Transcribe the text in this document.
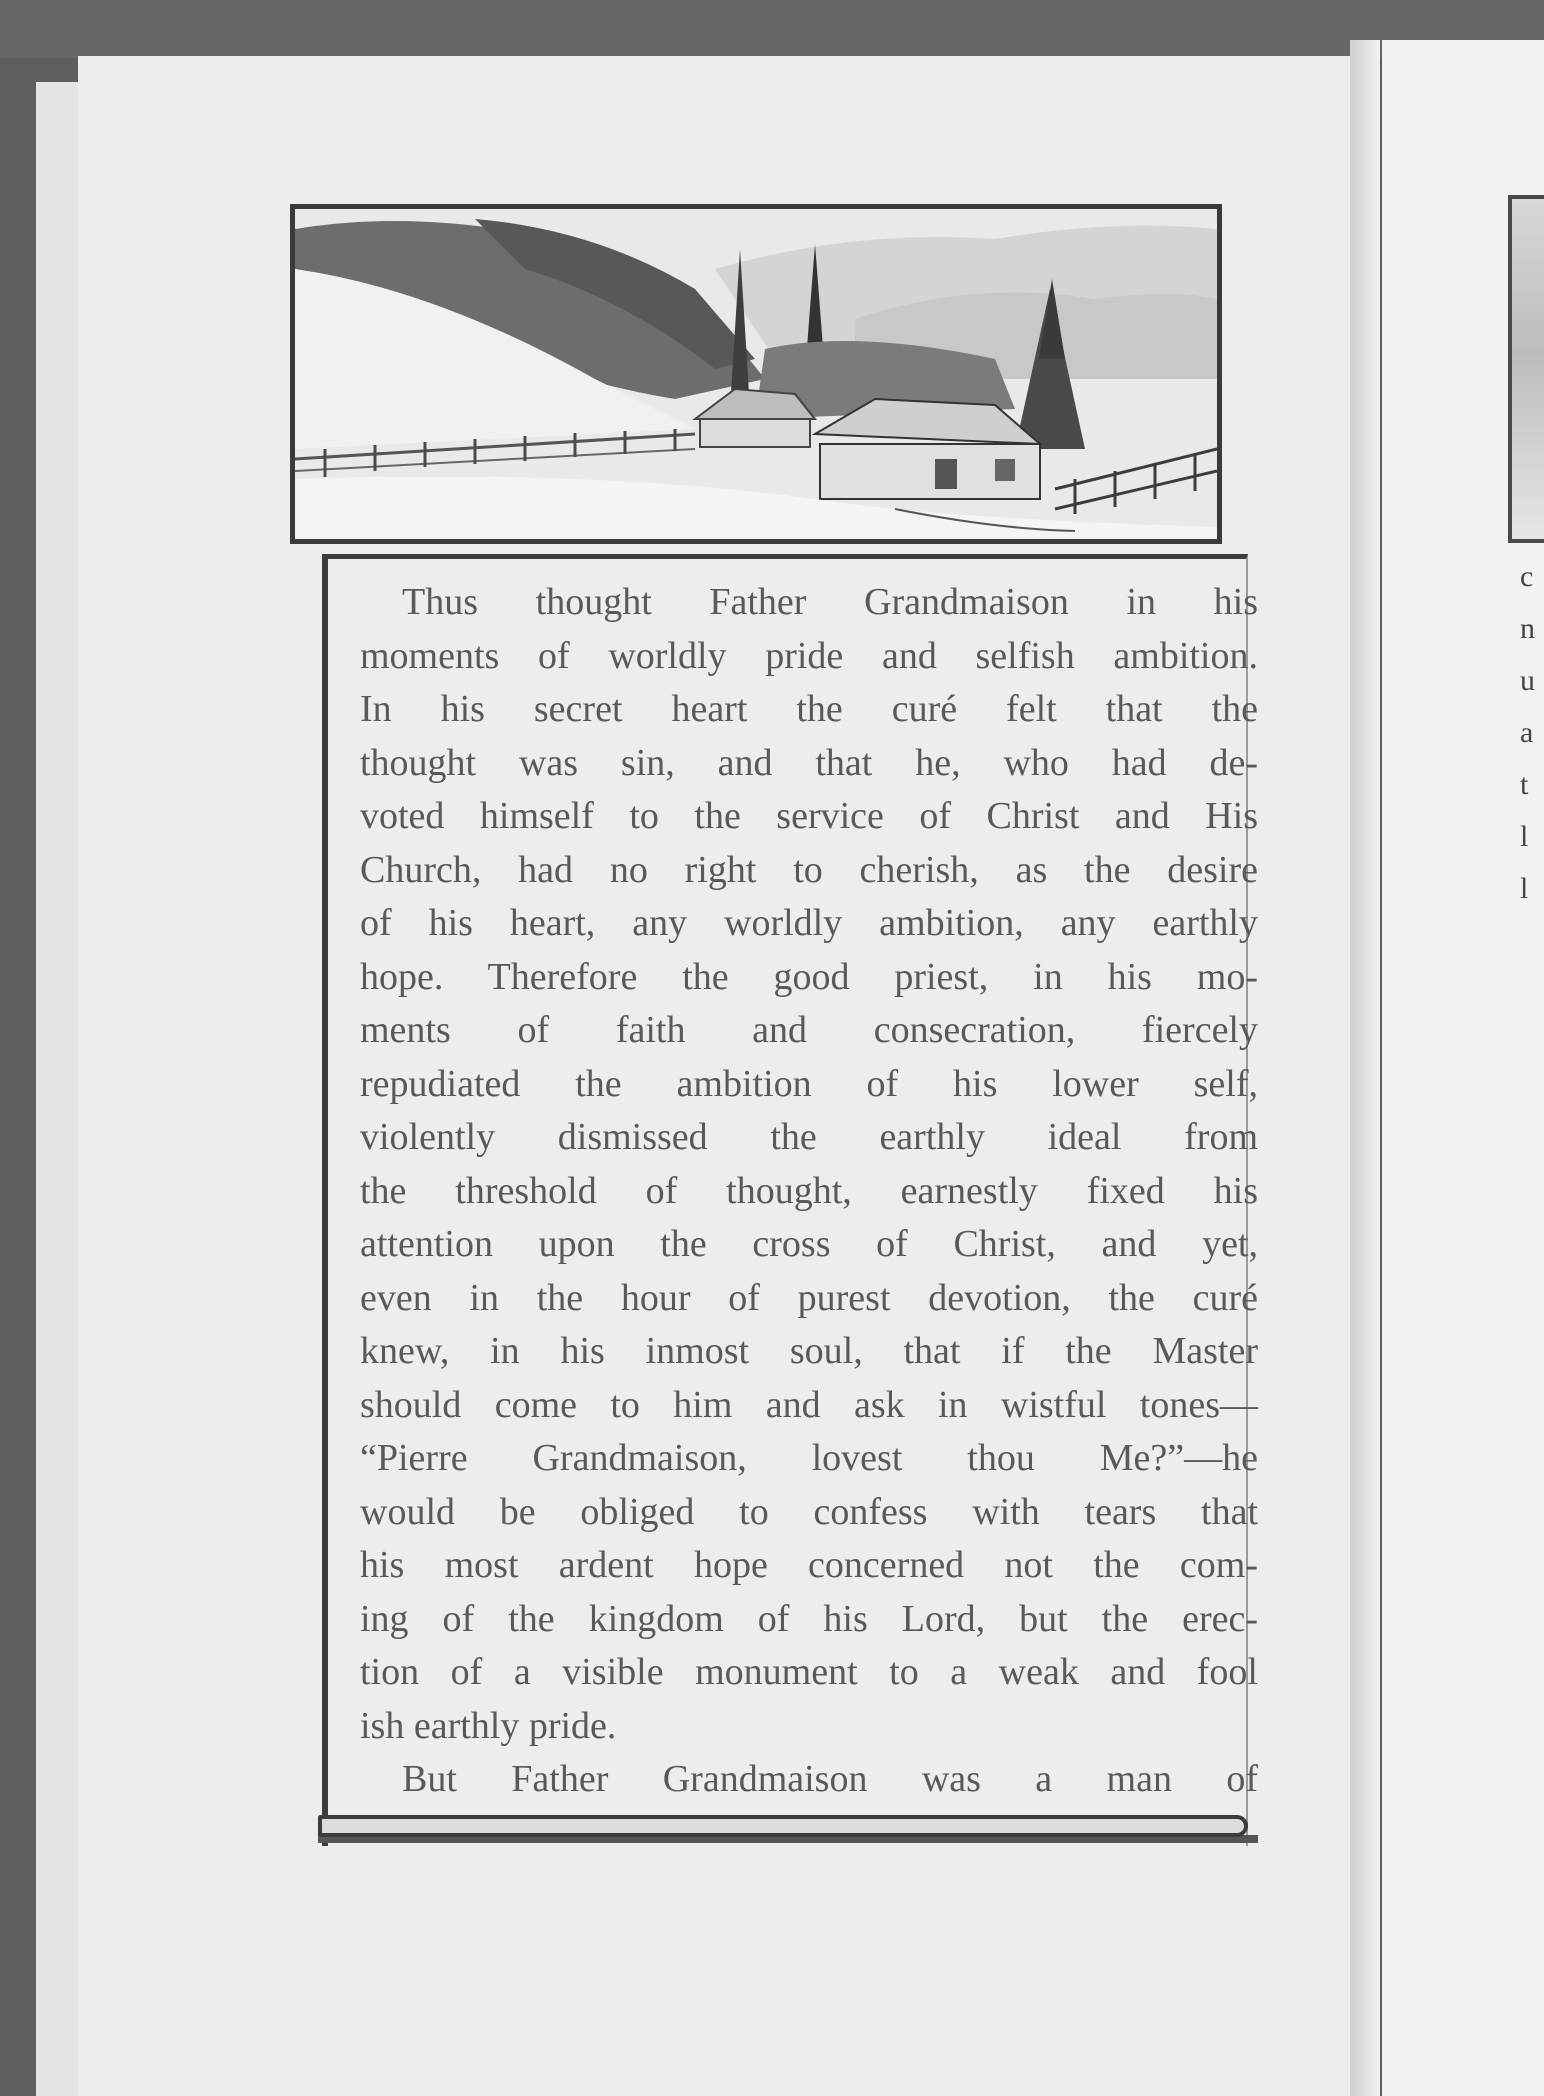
c
n
u
a
t
l
l
Thus thought Father Grandmaison in his
moments of worldly pride and selfish ambition.
In his secret heart the curé felt that the
thought was sin, and that he, who had de-
voted himself to the service of Christ and His
Church, had no right to cherish, as the desire
of his heart, any worldly ambition, any earthly
hope. Therefore the good priest, in his mo-
ments of faith and consecration, fiercely
repudiated the ambition of his lower self,
violently dismissed the earthly ideal from
the threshold of thought, earnestly fixed his
attention upon the cross of Christ, and yet,
even in the hour of purest devotion, the curé
knew, in his inmost soul, that if the Master
should come to him and ask in wistful tones—
“Pierre Grandmaison, lovest thou Me?”—he
would be obliged to confess with tears that
his most ardent hope concerned not the com-
ing of the kingdom of his Lord, but the erec-
tion of a visible monument to a weak and fool
ish earthly pride.
But Father Grandmaison was a man of
